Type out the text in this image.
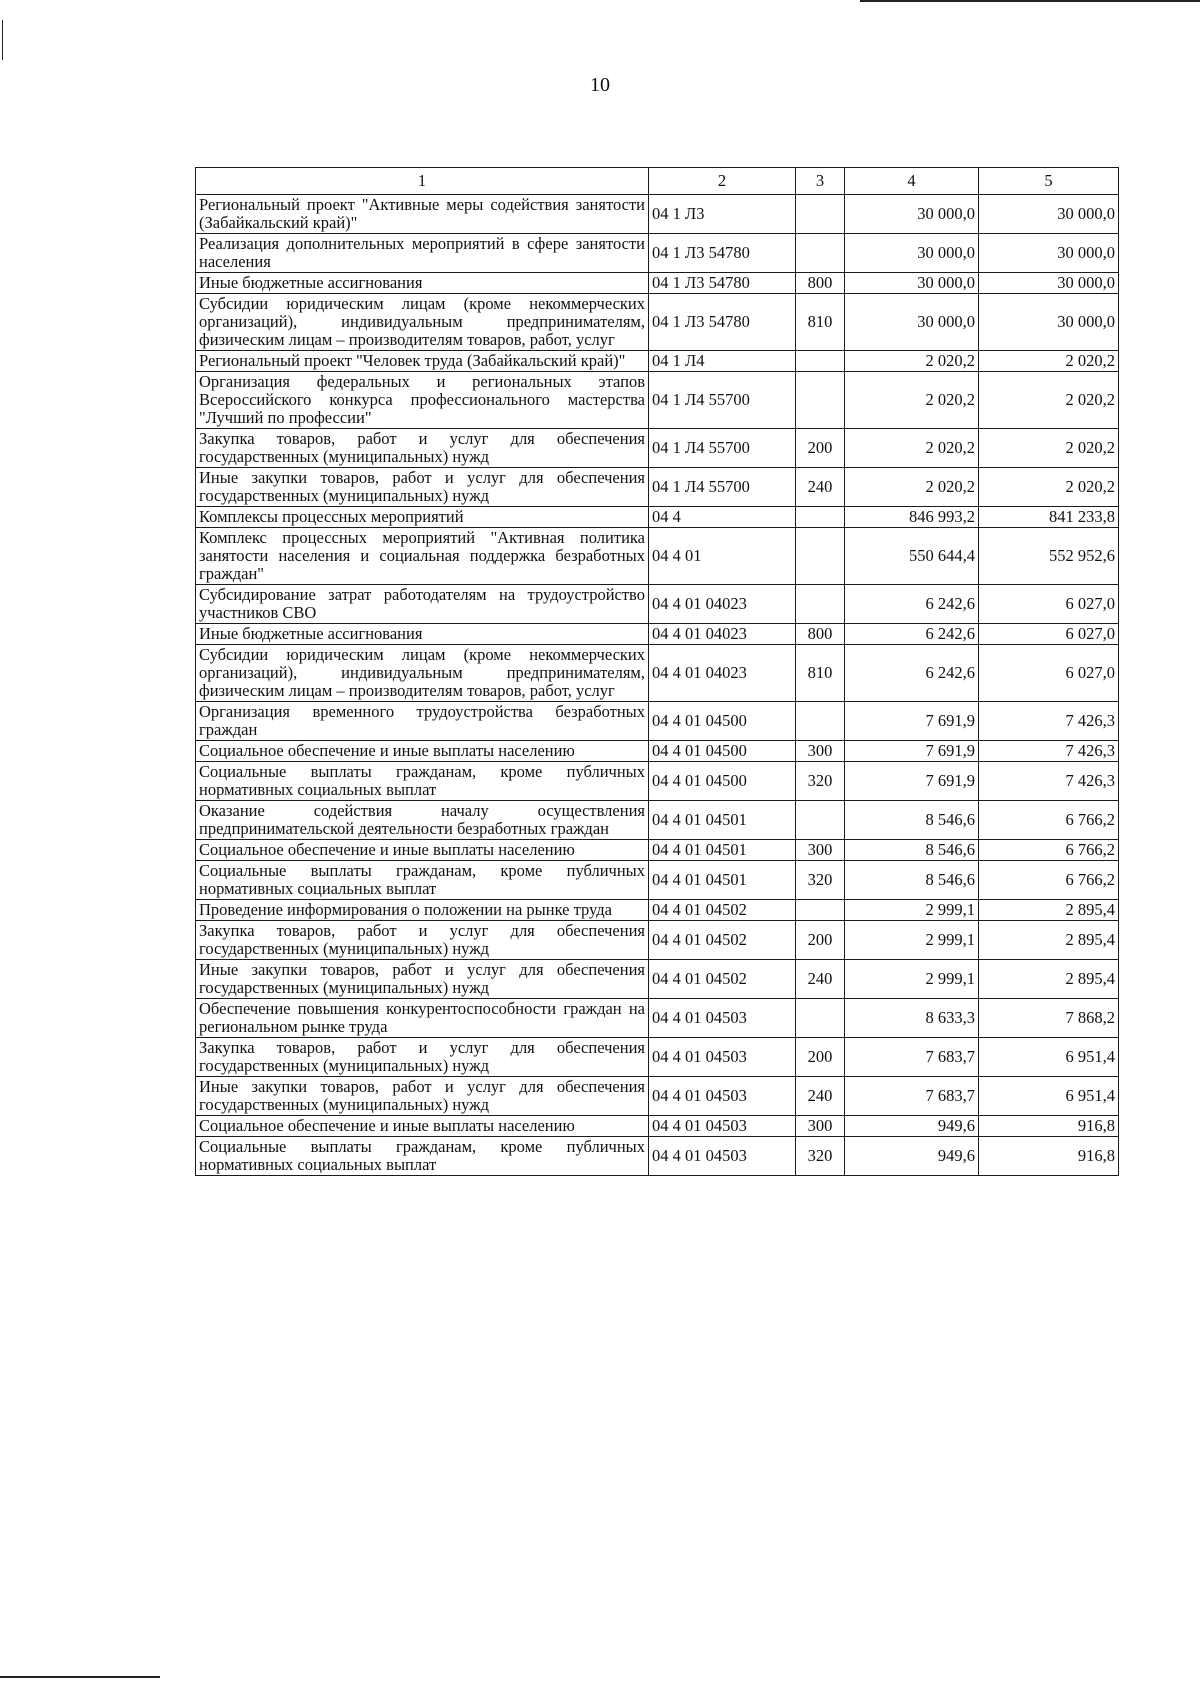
10
1	2	3	4	5
Региональный проект "Активные меры содействия занятости (Забайкальский край)"	04 1 Л3		30 000,0	30 000,0
Реализация дополнительных мероприятий в сфере занятости населения	04 1 Л3 54780		30 000,0	30 000,0
Иные бюджетные ассигнования	04 1 Л3 54780	800	30 000,0	30 000,0
Субсидии юридическим лицам (кроме некоммерческих организаций), индивидуальным предпринимателям, физическим лицам – производителям товаров, работ, услуг	04 1 Л3 54780	810	30 000,0	30 000,0
Региональный проект "Человек труда (Забайкальский край)"	04 1 Л4		2 020,2	2 020,2
Организация федеральных и региональных этапов Всероссийского конкурса профессионального мастерства "Лучший по профессии"	04 1 Л4 55700		2 020,2	2 020,2
Закупка товаров, работ и услуг для обеспечения государственных (муниципальных) нужд	04 1 Л4 55700	200	2 020,2	2 020,2
Иные закупки товаров, работ и услуг для обеспечения государственных (муниципальных) нужд	04 1 Л4 55700	240	2 020,2	2 020,2
Комплексы процессных мероприятий	04 4		846 993,2	841 233,8
Комплекс процессных мероприятий "Активная политика занятости населения и социальная поддержка безработных граждан"	04 4 01		550 644,4	552 952,6
Субсидирование затрат работодателям на трудоустройство участников СВО	04 4 01 04023		6 242,6	6 027,0
Иные бюджетные ассигнования	04 4 01 04023	800	6 242,6	6 027,0
Субсидии юридическим лицам (кроме некоммерческих организаций), индивидуальным предпринимателям, физическим лицам – производителям товаров, работ, услуг	04 4 01 04023	810	6 242,6	6 027,0
Организация временного трудоустройства безработных граждан	04 4 01 04500		7 691,9	7 426,3
Социальное обеспечение и иные выплаты населению	04 4 01 04500	300	7 691,9	7 426,3
Социальные выплаты гражданам, кроме публичных нормативных социальных выплат	04 4 01 04500	320	7 691,9	7 426,3
Оказание содействия началу осуществления предпринимательской деятельности безработных граждан	04 4 01 04501		8 546,6	6 766,2
Социальное обеспечение и иные выплаты населению	04 4 01 04501	300	8 546,6	6 766,2
Социальные выплаты гражданам, кроме публичных нормативных социальных выплат	04 4 01 04501	320	8 546,6	6 766,2
Проведение информирования о положении на рынке труда	04 4 01 04502		2 999,1	2 895,4
Закупка товаров, работ и услуг для обеспечения государственных (муниципальных) нужд	04 4 01 04502	200	2 999,1	2 895,4
Иные закупки товаров, работ и услуг для обеспечения государственных (муниципальных) нужд	04 4 01 04502	240	2 999,1	2 895,4
Обеспечение повышения конкурентоспособности граждан на региональном рынке труда	04 4 01 04503		8 633,3	7 868,2
Закупка товаров, работ и услуг для обеспечения государственных (муниципальных) нужд	04 4 01 04503	200	7 683,7	6 951,4
Иные закупки товаров, работ и услуг для обеспечения государственных (муниципальных) нужд	04 4 01 04503	240	7 683,7	6 951,4
Социальное обеспечение и иные выплаты населению	04 4 01 04503	300	949,6	916,8
Социальные выплаты гражданам, кроме публичных нормативных социальных выплат	04 4 01 04503	320	949,6	916,8
